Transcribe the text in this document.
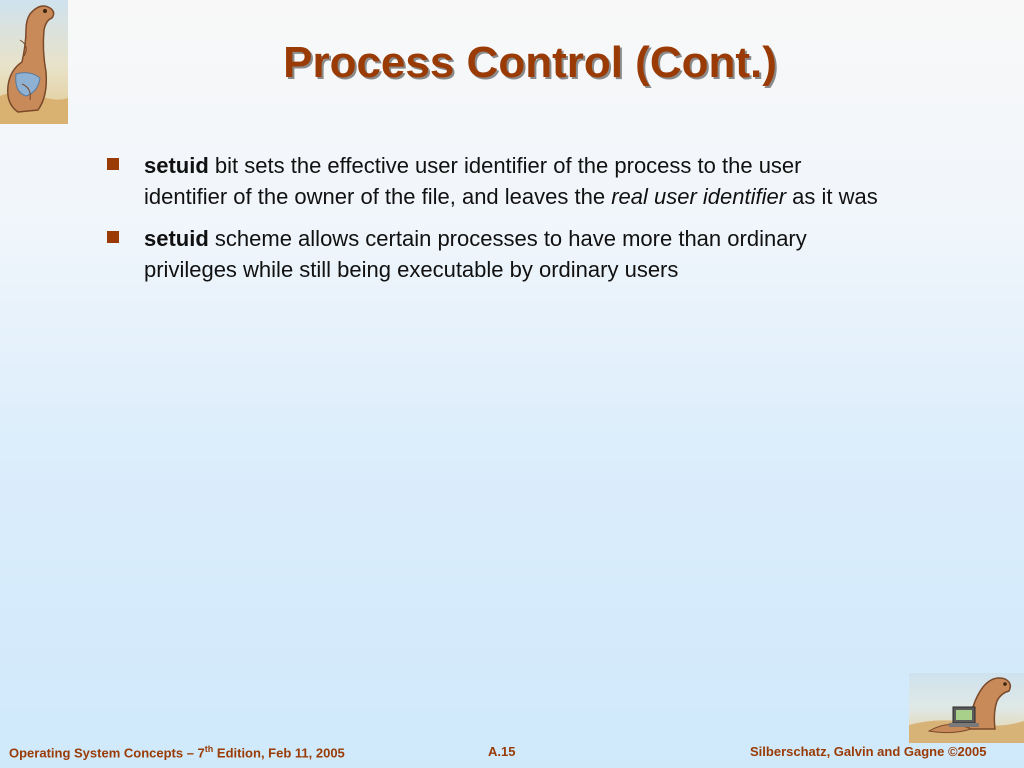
Process Control (Cont.)
setuid bit sets the effective user identifier of the process to the user identifier of the owner of the file, and leaves the real user identifier as it was
setuid scheme allows certain processes to have more than ordinary privileges while still being executable by ordinary users
Operating System Concepts – 7th Edition, Feb 11, 2005	A.15	Silberschatz, Galvin and Gagne ©2005
